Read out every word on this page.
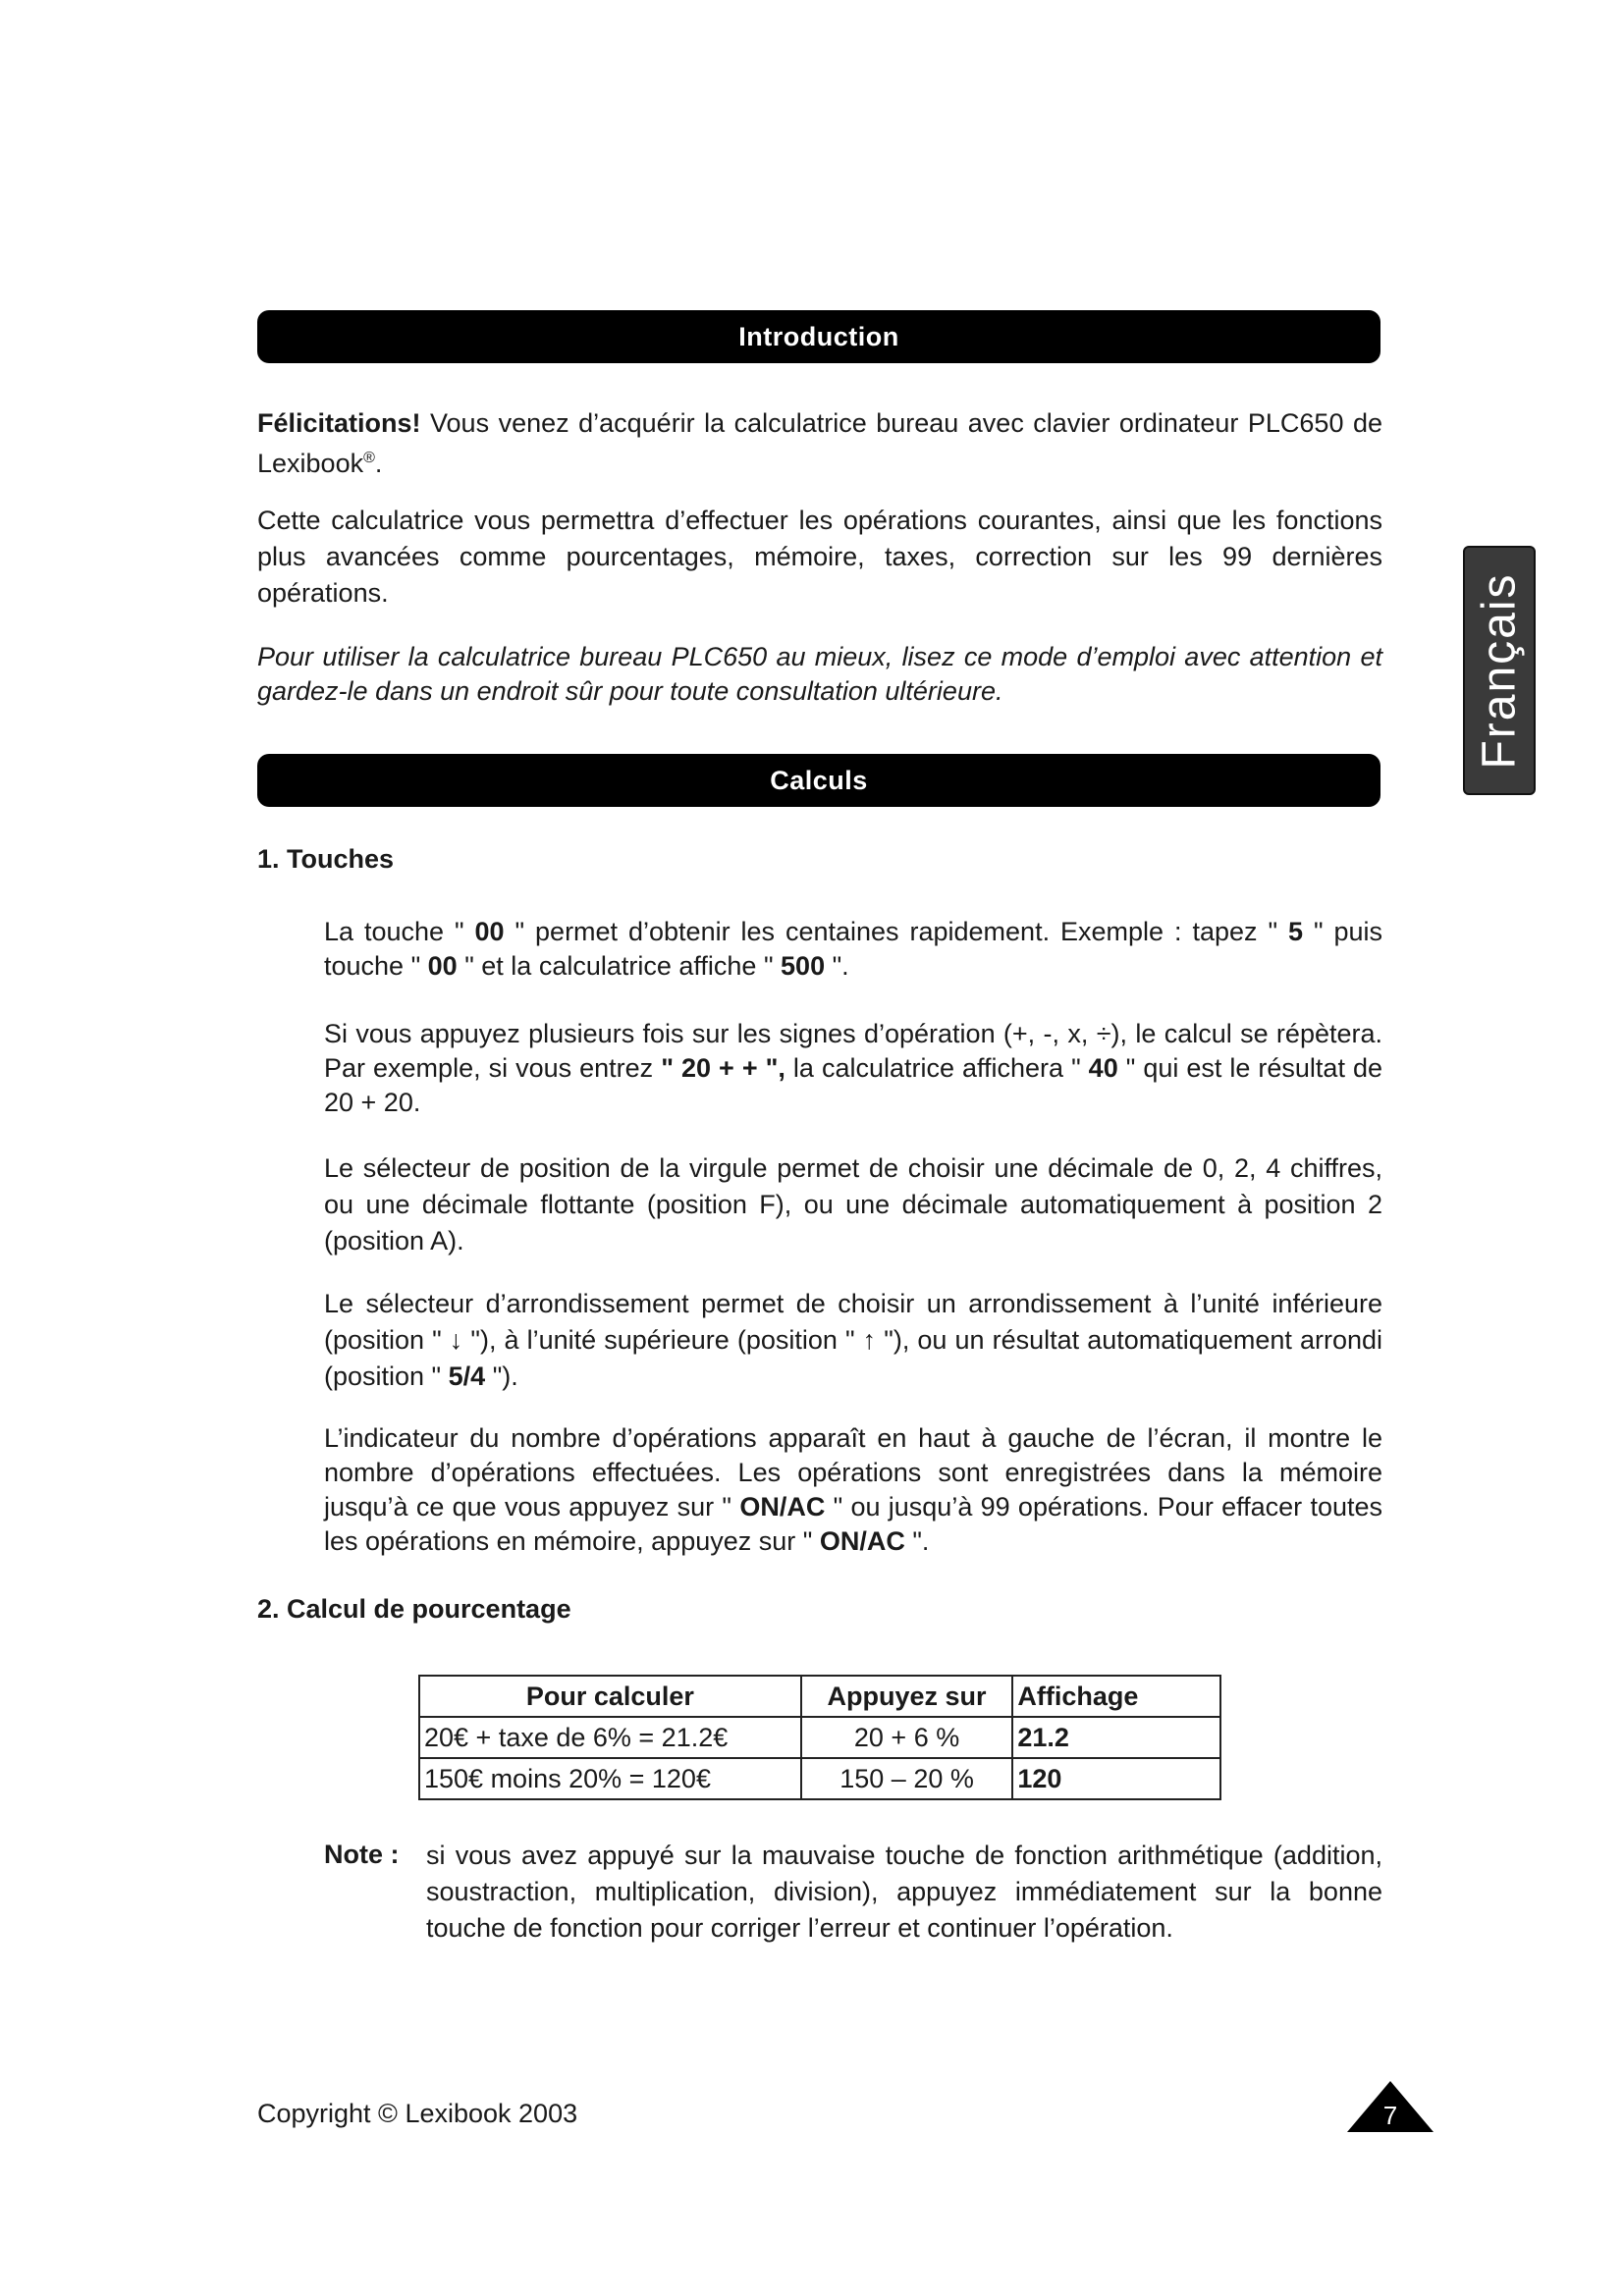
Introduction
Félicitations! Vous venez d’acquérir la calculatrice bureau avec clavier ordinateur PLC650 de Lexibook®.
Cette calculatrice vous permettra d’effectuer les opérations courantes, ainsi que les fonctions plus avancées comme pourcentages, mémoire, taxes, correction sur les 99 dernières opérations.
Pour utiliser la calculatrice bureau PLC650 au mieux, lisez ce mode d’emploi avec attention et gardez-le dans un endroit sûr pour toute consultation ultérieure.	Français
Calculs
1. Touches
La touche " 00 " permet d’obtenir les centaines rapidement. Exemple : tapez " 5 " puis touche " 00 " et la calculatrice affiche " 500 ".
Si vous appuyez plusieurs fois sur les signes d’opération (+, -, x, ÷), le calcul se répètera. Par exemple, si vous entrez " 20 + + ", la calculatrice affichera " 40 " qui est le résultat de 20 + 20.
Le sélecteur de position de la virgule permet de choisir une décimale de 0, 2, 4 chiffres, ou une décimale flottante (position F), ou une décimale automatiquement à position 2 (position A).
Le sélecteur d’arrondissement permet de choisir un arrondissement à l’unité inférieure (position " ↓ "), à l’unité supérieure (position " ↑ "), ou un résultat automatiquement arrondi (position " 5/4 ").
L’indicateur du nombre d’opérations apparaît en haut à gauche de l’écran, il montre le nombre d’opérations effectuées. Les opérations sont enregistrées dans la mémoire jusqu’à ce que vous appuyez sur " ON/AC " ou jusqu’à 99 opérations. Pour effacer toutes les opérations en mémoire, appuyez sur " ON/AC ".
2. Calcul de pourcentage
Pour calculer	Appuyez sur	Affichage
20€ + taxe de 6% = 21.2€	20 + 6 %	21.2
150€ moins 20% = 120€	150 – 20 %	120
Note : si vous avez appuyé sur la mauvaise touche de fonction arithmétique (addition, soustraction, multiplication, division), appuyez immédiatement sur la bonne touche de fonction pour corriger l’erreur et continuer l’opération.
Copyright © Lexibook 2003	7
